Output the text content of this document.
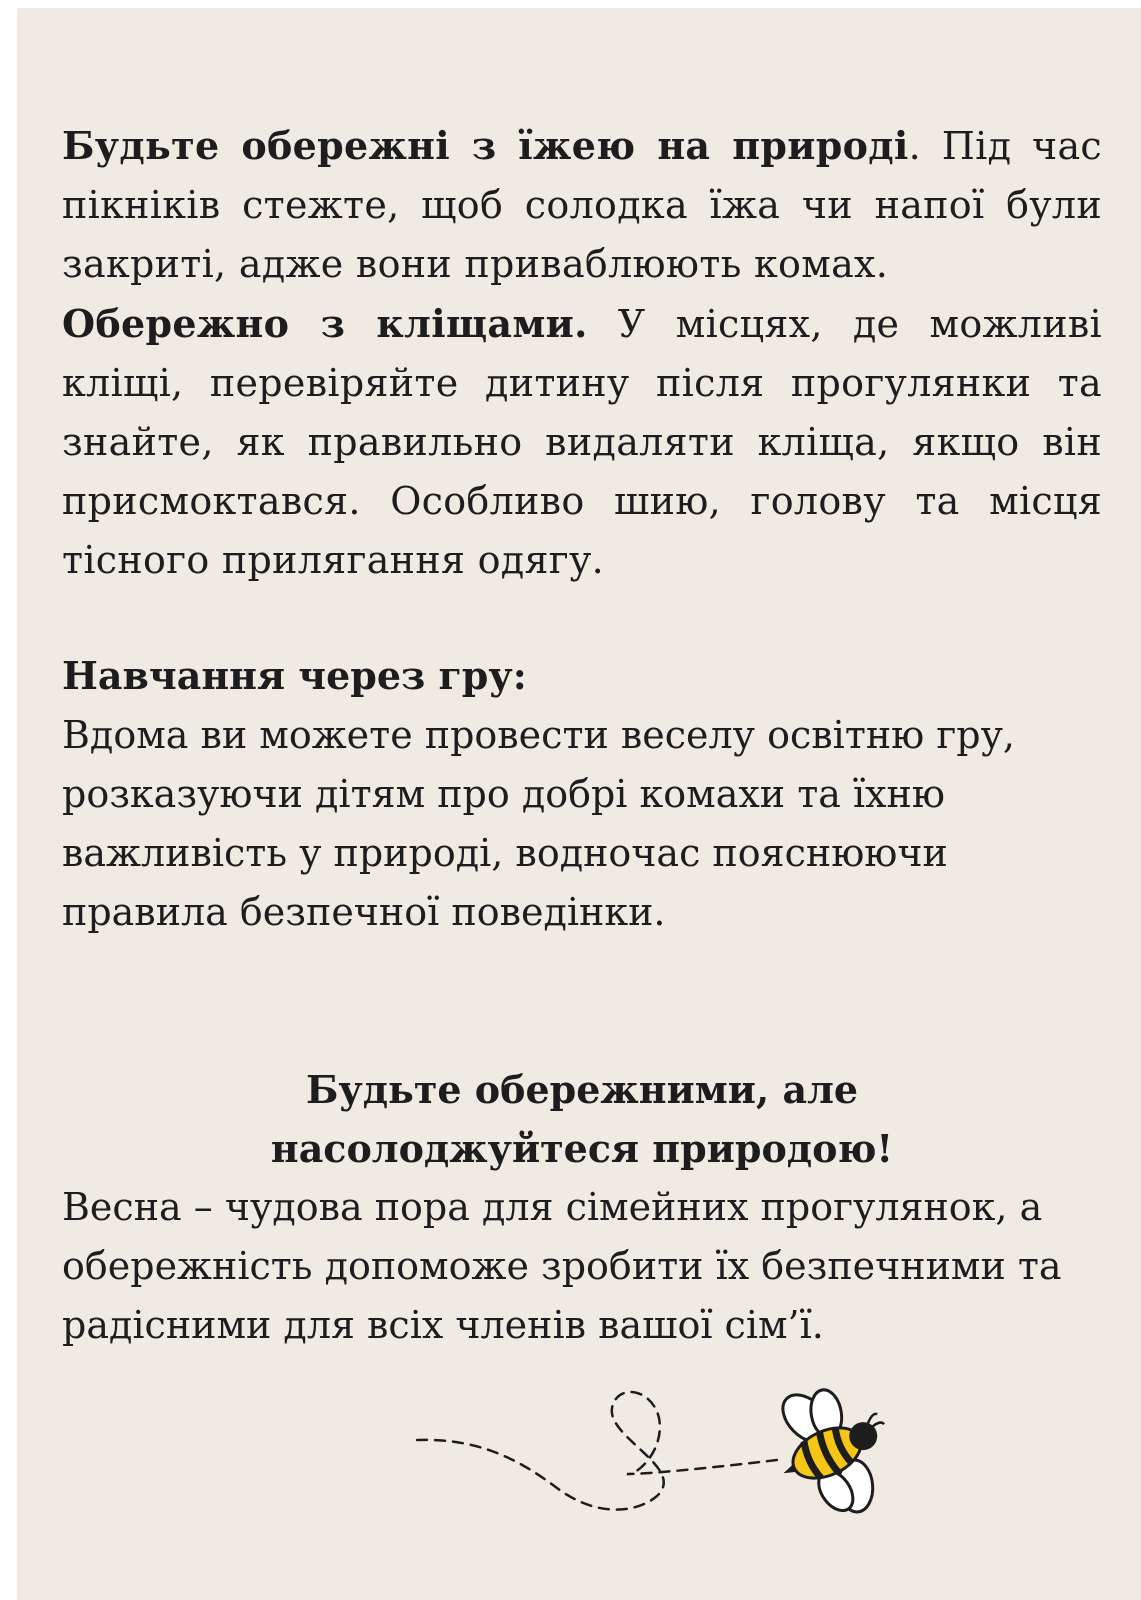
Будьте обережні з їжею на природі. Під час пікніків стежте, щоб солодка їжа чи напої були закриті, адже вони приваблюють комах.

Обережно з кліщами. У місцях, де можливі кліщі, перевіряйте дитину після прогулянки та знайте, як правильно видаляти кліща, якщо він присмоктався. Особливо шию, голову та місця тісного прилягання одягу.

Навчання через гру:

Вдома ви можете провести веселу освітню гру, розказуючи дітям про добрі комахи та їхню важливість у природі, водночас пояснюючи правила безпечної поведінки.

Будьте обережними, але насолоджуйтеся природою!

Весна – чудова пора для сімейних прогулянок, а обережність допоможе зробити їх безпечними та радісними для всіх членів вашої сім’ї.
